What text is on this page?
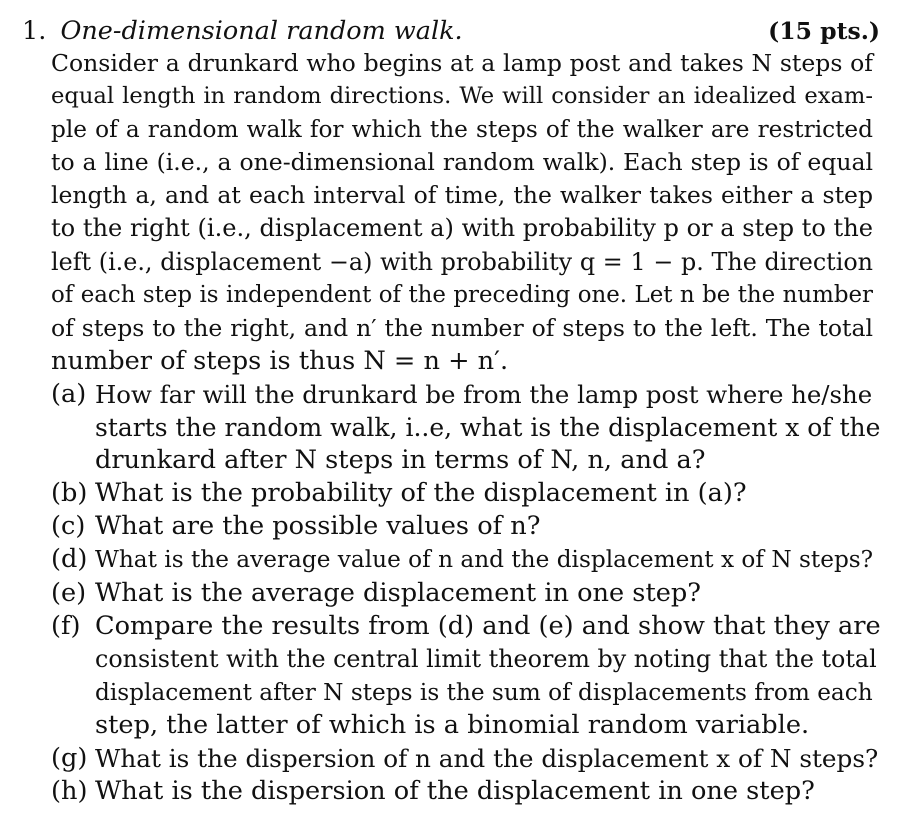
1. One-dimensional random walk.	(15 pts.)
Consider a drunkard who begins at a lamp post and takes N steps of
equal length in random directions. We will consider an idealized exam-
ple of a random walk for which the steps of the walker are restricted
to a line (i.e., a one-dimensional random walk). Each step is of equal
length a, and at each interval of time, the walker takes either a step
to the right (i.e., displacement a) with probability p or a step to the
left (i.e., displacement −a) with probability q = 1 − p. The direction
of each step is independent of the preceding one. Let n be the number
of steps to the right, and n′ the number of steps to the left. The total
number of steps is thus N = n + n′.
(a) How far will the drunkard be from the lamp post where he/she
starts the random walk, i..e, what is the displacement x of the
drunkard after N steps in terms of N, n, and a?
(b) What is the probability of the displacement in (a)?
(c) What are the possible values of n?
(d) What is the average value of n and the displacement x of N steps?
(e) What is the average displacement in one step?
(f) Compare the results from (d) and (e) and show that they are
consistent with the central limit theorem by noting that the total
displacement after N steps is the sum of displacements from each
step, the latter of which is a binomial random variable.
(g) What is the dispersion of n and the displacement x of N steps?
(h) What is the dispersion of the displacement in one step?
